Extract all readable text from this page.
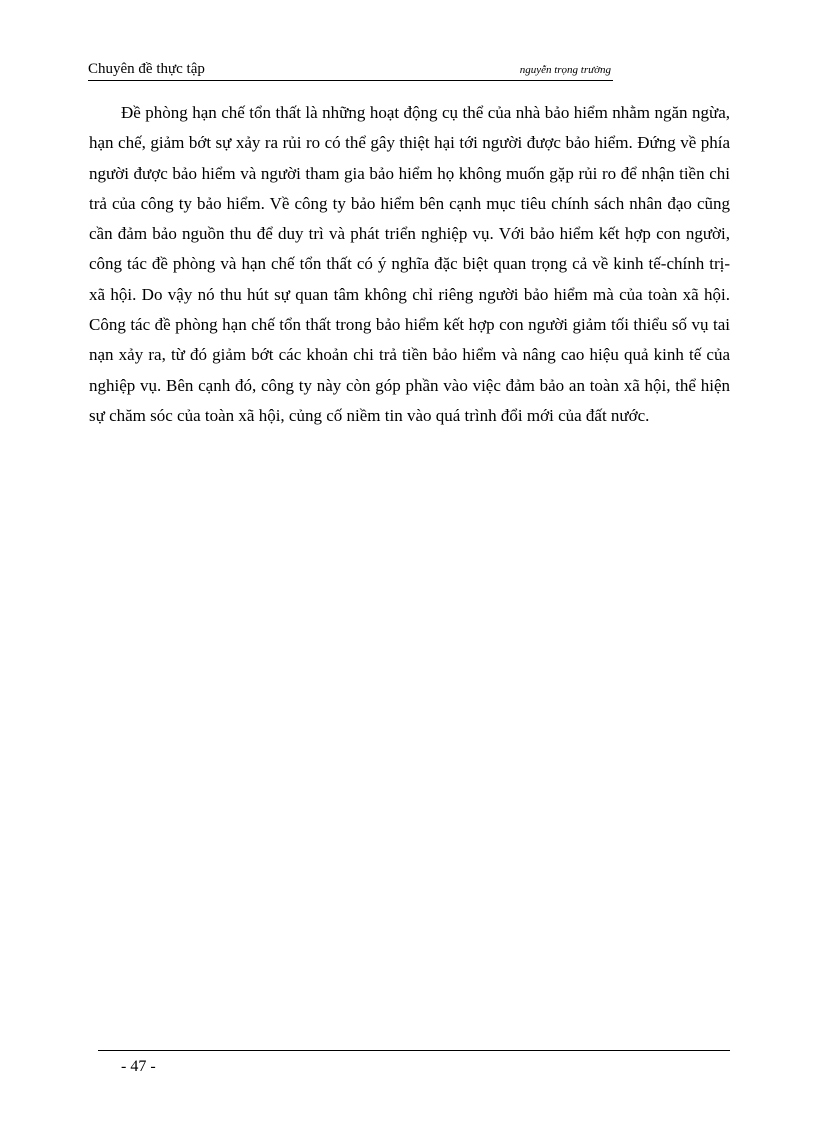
Chuyên đề thực tập	nguyễn trọng trường

Đề phòng hạn chế tổn thất là những hoạt động cụ thể của nhà bảo hiểm nhằm ngăn ngừa, hạn chế, giảm bớt sự xảy ra rủi ro có thể gây thiệt hại tới người được bảo hiểm. Đứng về phía người được bảo hiểm và người tham gia bảo hiểm họ không muốn gặp rủi ro để nhận tiền chi trả của công ty bảo hiểm. Về công ty bảo hiểm bên cạnh mục tiêu chính sách nhân đạo cũng cần đảm bảo nguồn thu để duy trì và phát triển nghiệp vụ. Với bảo hiểm kết hợp con người, công tác đề phòng và hạn chế tổn thất có ý nghĩa đặc biệt quan trọng cả về kinh tế-chính trị-xã hội. Do vậy nó thu hút sự quan tâm không chỉ riêng người bảo hiểm mà của toàn xã hội. Công tác đề phòng hạn chế tổn thất trong bảo hiểm kết hợp con người giảm tối thiểu số vụ tai nạn xảy ra, từ đó giảm bớt các khoản chi trả tiền bảo hiểm và nâng cao hiệu quả kinh tế của nghiệp vụ. Bên cạnh đó, công ty này còn góp phần vào việc đảm bảo an toàn xã hội, thể hiện sự chăm sóc của toàn xã hội, củng cố niềm tin vào quá trình đổi mới của đất nước.

- 47 -
